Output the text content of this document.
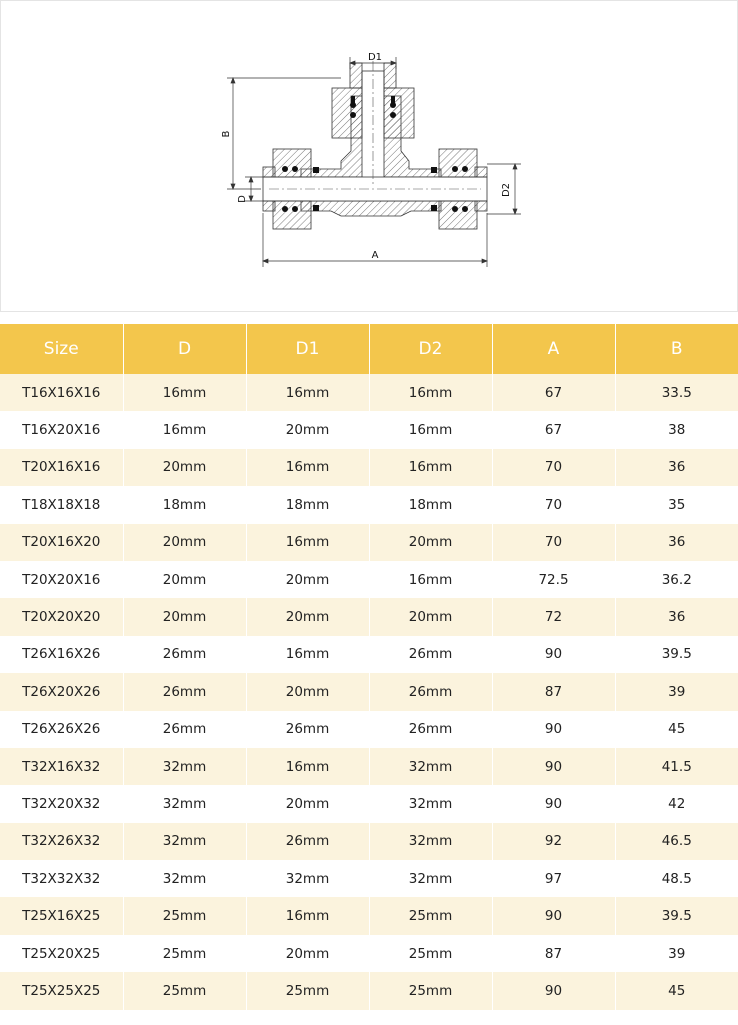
D1
B
D
D2
A
Size	D	D1	D2	A	B
T16X16X16	16mm	16mm	16mm	67	33.5
T16X20X16	16mm	20mm	16mm	67	38
T20X16X16	20mm	16mm	16mm	70	36
T18X18X18	18mm	18mm	18mm	70	35
T20X16X20	20mm	16mm	20mm	70	36
T20X20X16	20mm	20mm	16mm	72.5	36.2
T20X20X20	20mm	20mm	20mm	72	36
T26X16X26	26mm	16mm	26mm	90	39.5
T26X20X26	26mm	20mm	26mm	87	39
T26X26X26	26mm	26mm	26mm	90	45
T32X16X32	32mm	16mm	32mm	90	41.5
T32X20X32	32mm	20mm	32mm	90	42
T32X26X32	32mm	26mm	32mm	92	46.5
T32X32X32	32mm	32mm	32mm	97	48.5
T25X16X25	25mm	16mm	25mm	90	39.5
T25X20X25	25mm	20mm	25mm	87	39
T25X25X25	25mm	25mm	25mm	90	45
